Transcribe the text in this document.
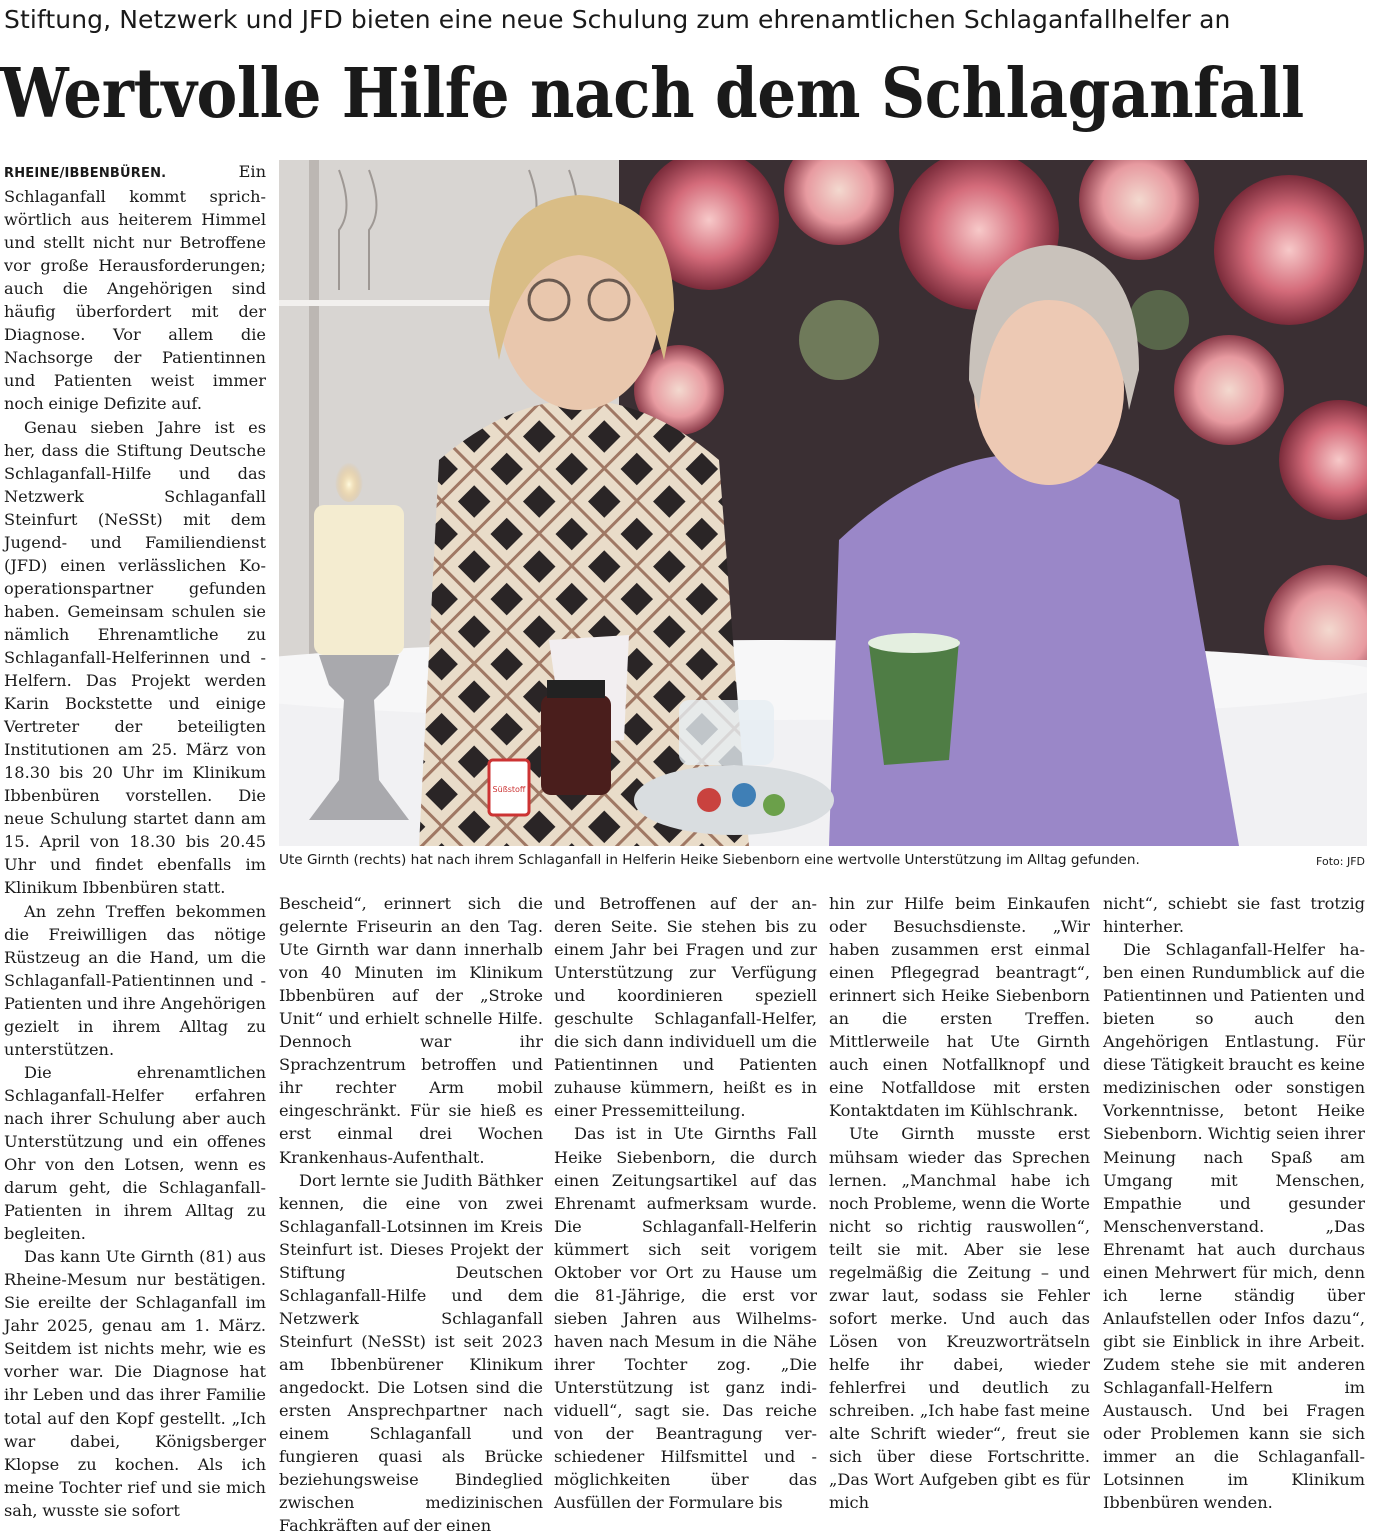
Stiftung, Netzwerk und JFD bieten eine neue Schulung zum ehrenamtlichen Schlaganfallhelfer an
Wertvolle Hilfe nach dem Schlaganfall

RHEINE/IBBENBÜREN. Ein Schlaganfall kommt sprichwörtlich aus heiterem Himmel und stellt nicht nur Betroffene vor große Herausforderungen; auch die Angehörigen sind häufig überfordert mit der Diagnose. Vor allem die Nachsorge der Patientinnen und Patienten weist immer noch einige Defizite auf.

Genau sieben Jahre ist es her, dass die Stiftung Deutsche Schlaganfall-Hilfe und das Netzwerk Schlaganfall Steinfurt (NeSSt) mit dem Jugend- und Familiendienst (JFD) einen verlässlichen Kooperationspartner gefunden haben. Gemeinsam schulen sie nämlich Ehrenamtliche zu Schlaganfall-Helferinnen und -Helfern. Das Projekt werden Karin Bockstette und einige Vertreter der beteiligten Institutionen am 25. März von 18.30 bis 20 Uhr im Klinikum Ibbenbüren vorstellen. Die neue Schulung startet dann am 15. April von 18.30 bis 20.45 Uhr und findet ebenfalls im Klinikum Ibbenbüren statt.

An zehn Treffen bekommen die Freiwilligen das nötige Rüstzeug an die Hand, um die Schlaganfall-Patientinnen und -Patienten und ihre Angehörigen gezielt in ihrem Alltag zu unterstützen.

Die ehrenamtlichen Schlaganfall-Helfer erfahren nach ihrer Schulung aber auch Unterstützung und ein offenes Ohr von den Lotsen, wenn es darum geht, die Schlaganfall-Patienten in ihrem Alltag zu begleiten.

Das kann Ute Girnth (81) aus Rheine-Mesum nur bestätigen. Sie ereilte der Schlaganfall im Jahr 2025, genau am 1. März. Seitdem ist nichts mehr, wie es vorher war. Die Diagnose hat ihr Leben und das ihrer Familie total auf den Kopf gestellt. „Ich war dabei, Königsberger Klopse zu kochen. Als ich meine Tochter rief und sie mich sah, wusste sie sofort

Süßstoff
Ute Girnth (rechts) hat nach ihrem Schlaganfall in Helferin Heike Siebenborn eine wertvolle Unterstützung im Alltag gefunden.	Foto: JFD

Bescheid“, erinnert sich die gelernte Friseurin an den Tag. Ute Girnth war dann innerhalb von 40 Minuten im Klinikum Ibbenbüren auf der „Stroke Unit“ und erhielt schnelle Hilfe. Dennoch war ihr Sprachzentrum betroffen und ihr rechter Arm mobil eingeschränkt. Für sie hieß es erst einmal drei Wochen Krankenhaus-Aufenthalt.

Dort lernte sie Judith Bäthker kennen, die eine von zwei Schlaganfall-Lotsinnen im Kreis Steinfurt ist. Dieses Projekt der Stiftung Deutschen Schlaganfall-Hilfe und dem Netzwerk Schlaganfall Steinfurt (NeSSt) ist seit 2023 am Ibbenbürener Klinikum angedockt. Die Lotsen sind die ersten Ansprechpartner nach einem Schlaganfall und fungieren quasi als Brücke beziehungsweise Bindeglied zwischen medizinischen Fachkräften auf der einen

und Betroffenen auf der anderen Seite. Sie stehen bis zu einem Jahr bei Fragen und zur Unterstützung zur Verfügung und koordinieren speziell geschulte Schlaganfall-Helfer, die sich dann individuell um die Patientinnen und Patienten zuhause kümmern, heißt es in einer Pressemitteilung.

Das ist in Ute Girnths Fall Heike Siebenborn, die durch einen Zeitungsartikel auf das Ehrenamt aufmerksam wurde. Die Schlaganfall-Helferin kümmert sich seit vorigem Oktober vor Ort zu Hause um die 81-Jährige, die erst vor sieben Jahren aus Wilhelmshaven nach Mesum in die Nähe ihrer Tochter zog. „Die Unterstützung ist ganz individuell“, sagt sie. Das reiche von der Beantragung verschiedener Hilfsmittel und -möglichkeiten über das Ausfüllen der Formulare bis

hin zur Hilfe beim Einkaufen oder Besuchsdienste. „Wir haben zusammen erst einmal einen Pflegegrad beantragt“, erinnert sich Heike Siebenborn an die ersten Treffen. Mittlerweile hat Ute Girnth auch einen Notfallknopf und eine Notfalldose mit ersten Kontaktdaten im Kühlschrank.

Ute Girnth musste erst mühsam wieder das Sprechen lernen. „Manchmal habe ich noch Probleme, wenn die Worte nicht so richtig rauswollen“, teilt sie mit. Aber sie lese regelmäßig die Zeitung – und zwar laut, sodass sie Fehler sofort merke. Und auch das Lösen von Kreuzworträtseln helfe ihr dabei, wieder fehlerfrei und deutlich zu schreiben. „Ich habe fast meine alte Schrift wieder“, freut sie sich über diese Fortschritte. „Das Wort Aufgeben gibt es für mich

nicht“, schiebt sie fast trotzig hinterher.

Die Schlaganfall-Helfer haben einen Rundumblick auf die Patientinnen und Patienten und bieten so auch den Angehörigen Entlastung. Für diese Tätigkeit braucht es keine medizinischen oder sonstigen Vorkenntnisse, betont Heike Siebenborn. Wichtig seien ihrer Meinung nach Spaß am Umgang mit Menschen, Empathie und gesunder Menschenverstand. „Das Ehrenamt hat auch durchaus einen Mehrwert für mich, denn ich lerne ständig über Anlaufstellen oder Infos dazu“, gibt sie Einblick in ihre Arbeit. Zudem stehe sie mit anderen Schlaganfall-Helfern im Austausch. Und bei Fragen oder Problemen kann sie sich immer an die Schlaganfall-Lotsinnen im Klinikum Ibbenbüren wenden.
